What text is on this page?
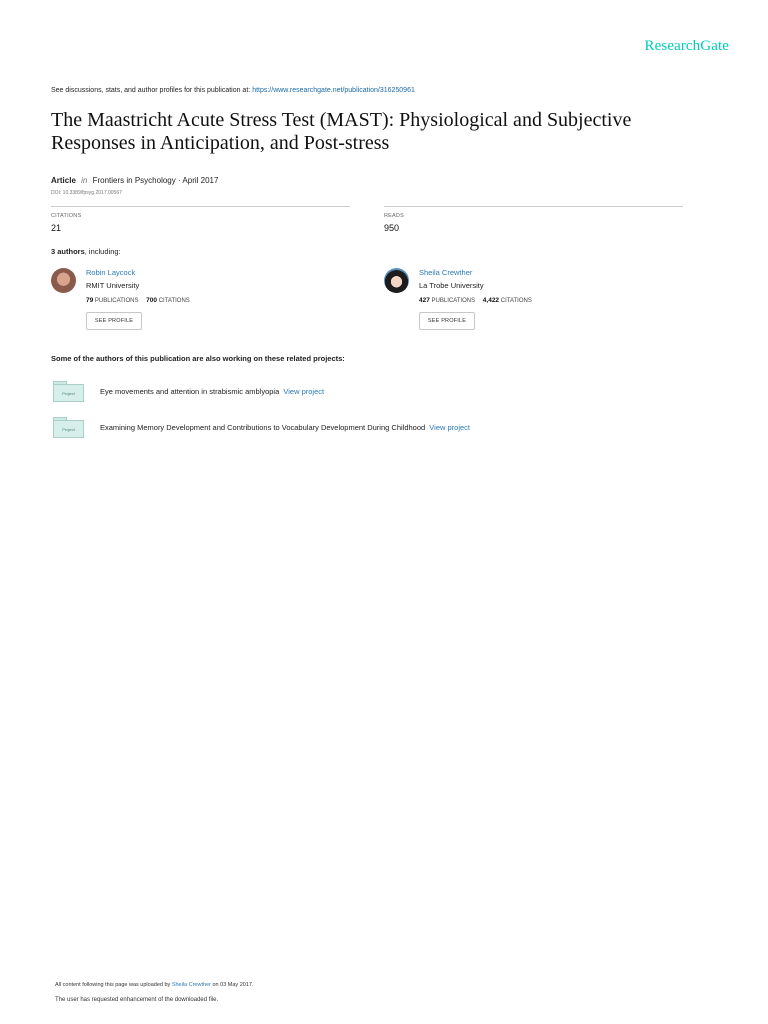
ResearchGate
See discussions, stats, and author profiles for this publication at: https://www.researchgate.net/publication/316250961
The Maastricht Acute Stress Test (MAST): Physiological and Subjective Responses in Anticipation, and Post-stress
Article in Frontiers in Psychology · April 2017
DOI: 10.3389/fpsyg.2017.00567
CITATIONS
21
READS
950
3 authors, including:
Robin Laycock
RMIT University
79 PUBLICATIONS 700 CITATIONS
SEE PROFILE
Sheila Crewther
La Trobe University
427 PUBLICATIONS 4,422 CITATIONS
SEE PROFILE
Some of the authors of this publication are also working on these related projects:
Project	Eye movements and attention in strabismic amblyopia View project
Project	Examining Memory Development and Contributions to Vocabulary Development During Childhood View project
All content following this page was uploaded by Sheila Crewther on 03 May 2017.
The user has requested enhancement of the downloaded file.
